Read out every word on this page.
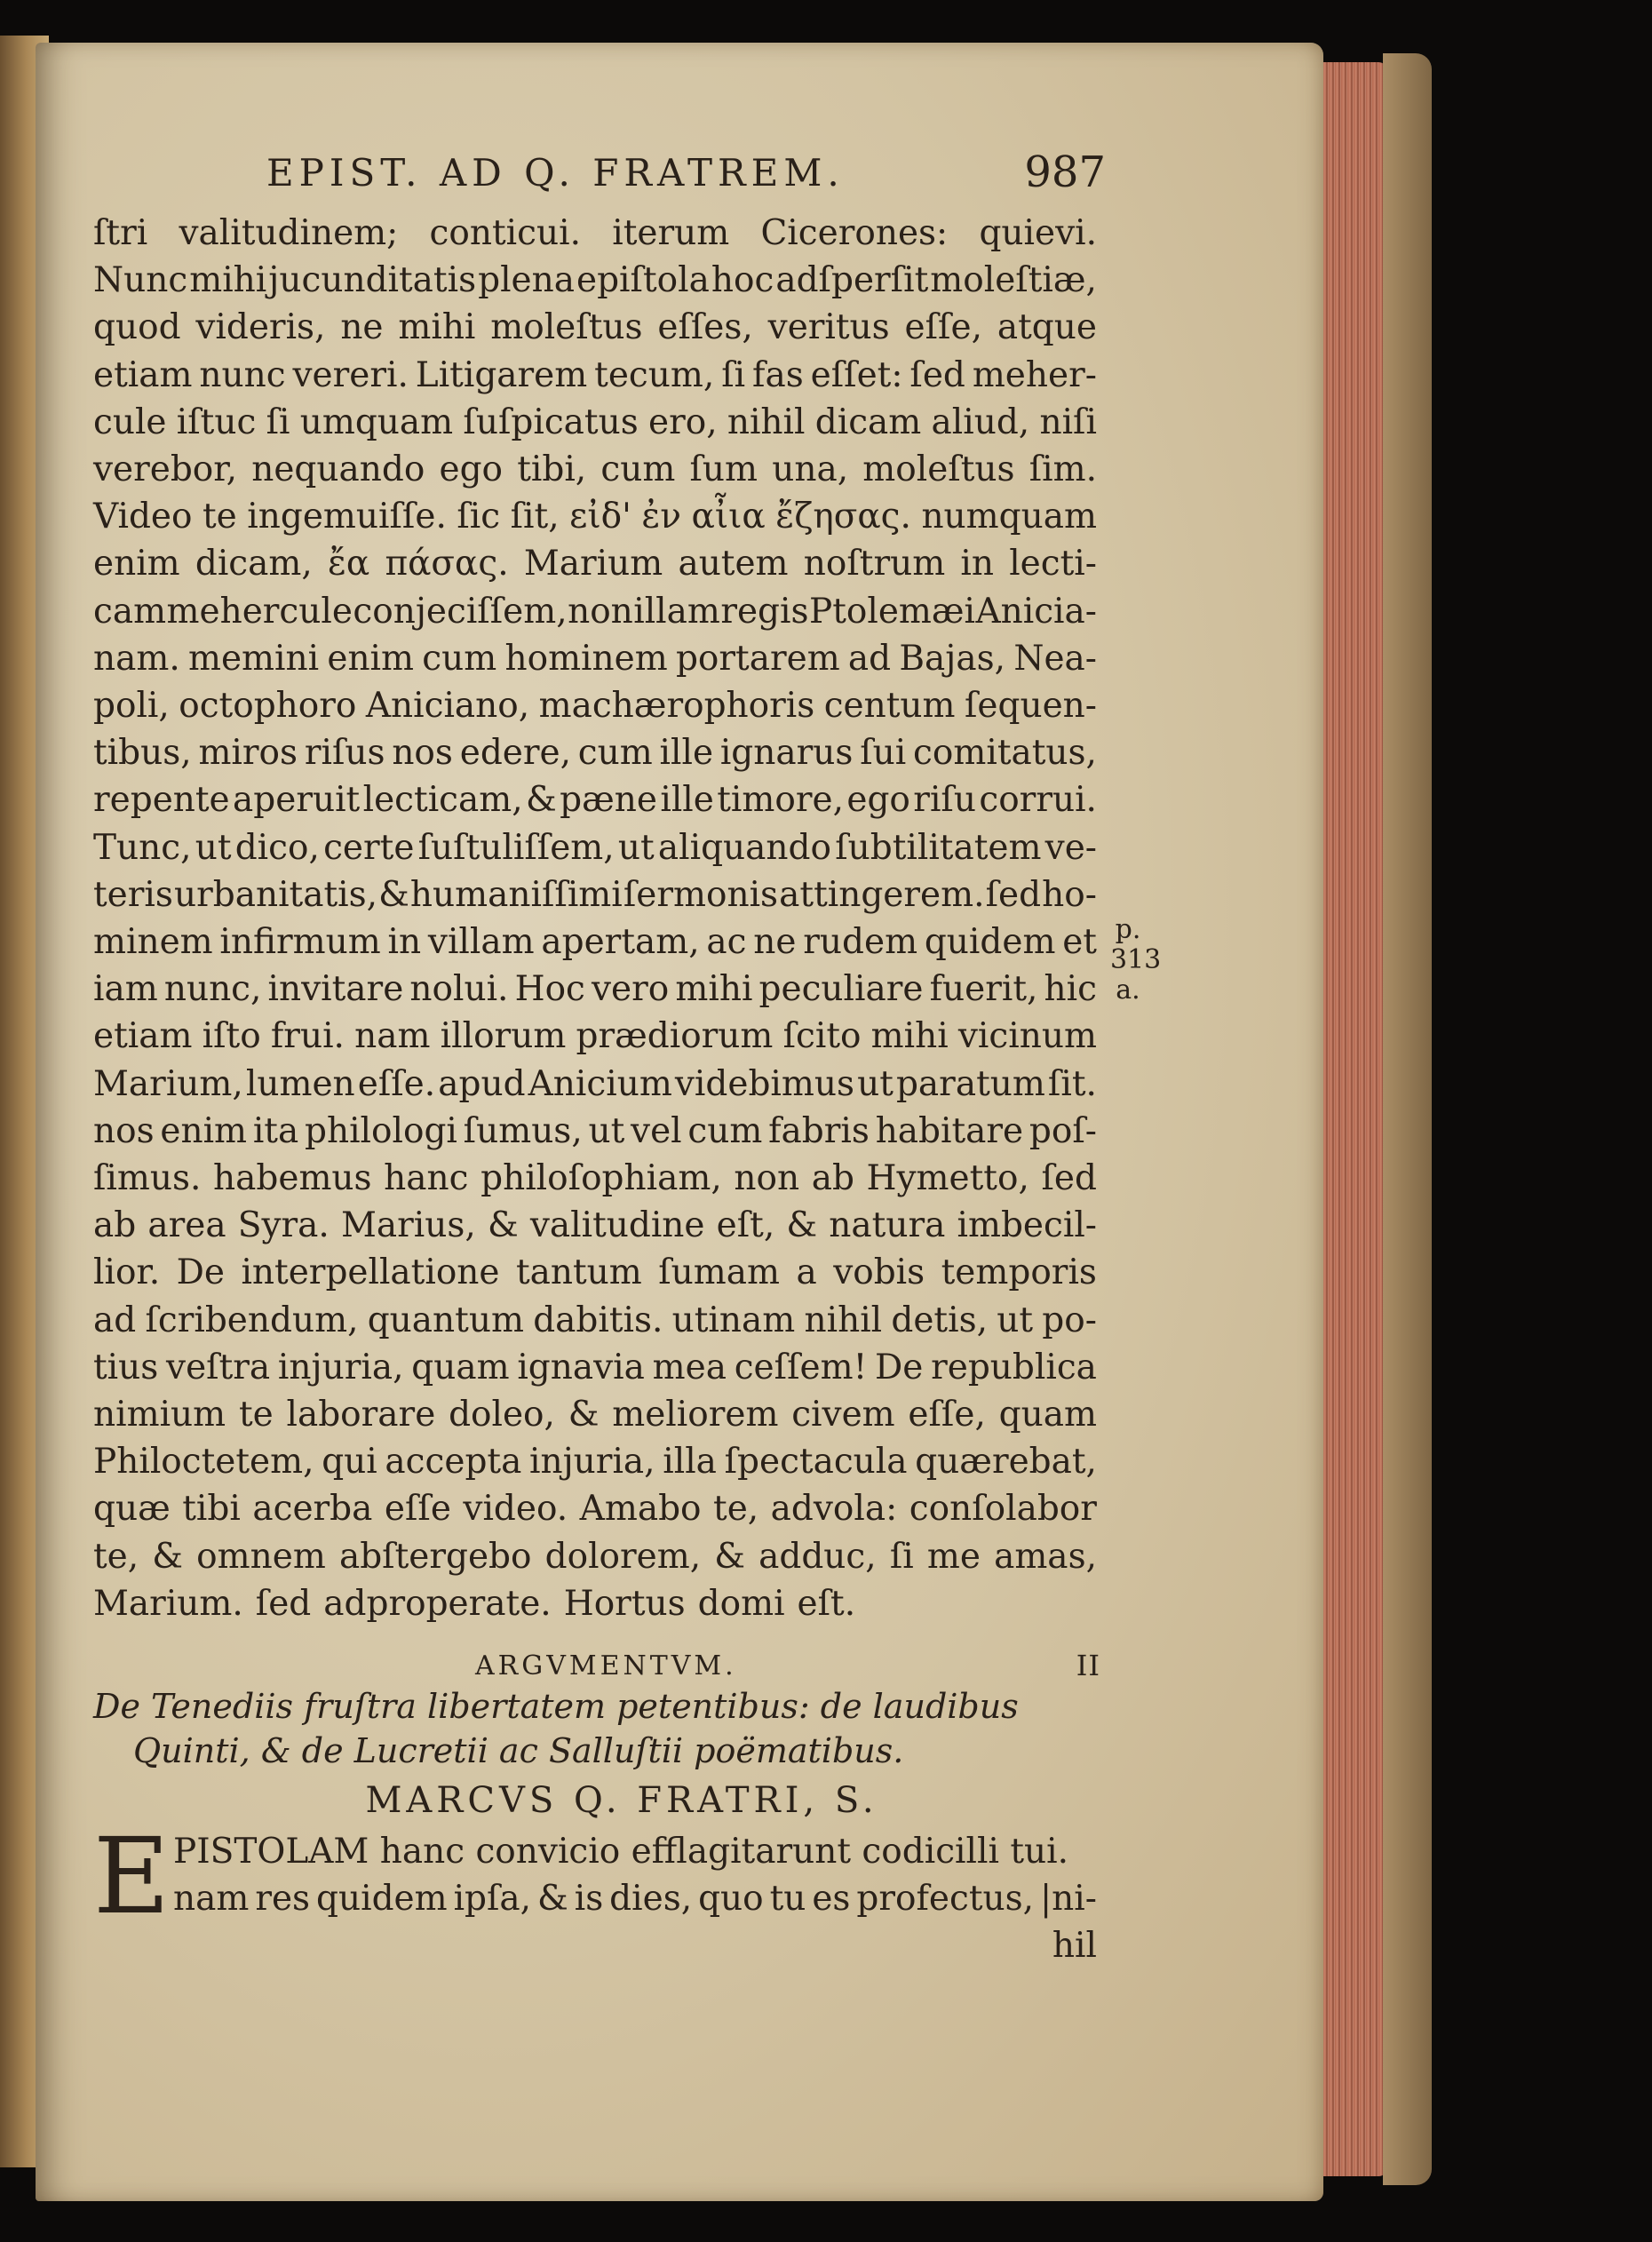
EPIST. AD Q. FRATREM.	987
ſtri valitudinem; conticui. iterum Cicerones: quievi.
Nunc mihi jucunditatis plena epiſtola hoc adſperſit moleſtiæ,
quod videris, ne mihi moleſtus eſſes, veritus eſſe, atque
etiam nunc vereri. Litigarem tecum, ſi fas eſſet: ſed meher-
cule iſtuc ſi umquam ſuſpicatus ero, nihil dicam aliud, niſi
verebor, nequando ego tibi, cum ſum una, moleſtus ſim.
Video te ingemuiſſe. ſic ſit, εἰδ' ἐν αἶια ἔζησας. numquam
enim dicam, ἔα πάσας. Marium autem noſtrum in lecti-
cam mehercule conjeciſſem, non illam regis Ptolemæi Anicia-
nam. memini enim cum hominem portarem ad Bajas, Nea-
poli, octophoro Aniciano, machærophoris centum ſequen-
tibus, miros riſus nos edere, cum ille ignarus ſui comitatus,
repente aperuit lecticam, & pæne ille timore, ego riſu corrui.
Tunc, ut dico, certe ſuſtuliſſem, ut aliquando ſubtilitatem ve-
teris urbanitatis, & humaniſſimi ſermonis attingerem. ſed ho-
minem infirmum in villam apertam, ac ne rudem quidem et
iam nunc, invitare nolui. Hoc vero mihi peculiare fuerit, hic
etiam iſto frui. nam illorum prædiorum ſcito mihi vicinum
Marium, lumen eſſe. apud Anicium videbimus ut paratum ſit.
nos enim ita philologi ſumus, ut vel cum fabris habitare poſ-
ſimus. habemus hanc philoſophiam, non ab Hymetto, ſed
ab area Syra. Marius, & valitudine eſt, & natura imbecil-
lior. De interpellatione tantum ſumam a vobis temporis
ad ſcribendum, quantum dabitis. utinam nihil detis, ut po-
tius veſtra injuria, quam ignavia mea ceſſem! De republica
nimium te laborare doleo, & meliorem civem eſſe, quam
Philoctetem, qui accepta injuria, illa ſpectacula quærebat,
quæ tibi acerba eſſe video. Amabo te, advola: conſolabor
te, & omnem abſtergebo dolorem, & adduc, ſi me amas,
Marium. ſed adproperate. Hortus domi eſt.
ARGVMENTVM.	II
De Tenediis fruſtra libertatem petentibus: de laudibus
Quinti, & de Lucretii ac Salluſtii poëmatibus.
MARCVS Q. FRATRI, S.
E PISTOLAM hanc convicio efflagitarunt codicilli tui.
nam res quidem ipſa, & is dies, quo tu es profectus, |ni-
hil
p.
313
a.
